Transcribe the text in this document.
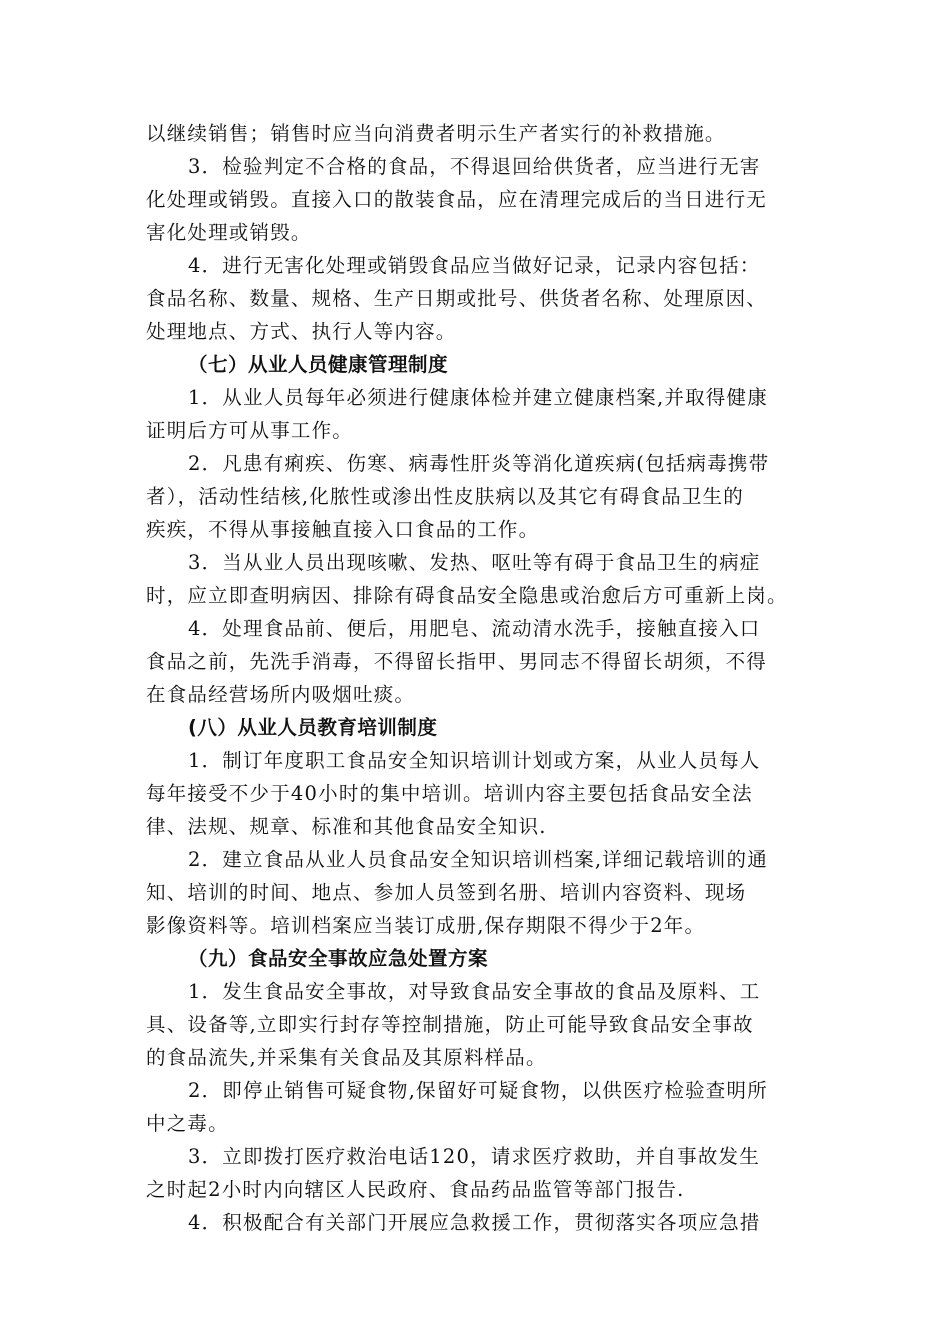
以继续销售；销售时应当向消费者明示生产者实行的补救措施。
3．检验判定不合格的食品，不得退回给供货者，应当进行无害
化处理或销毁。直接入口的散装食品，应在清理完成后的当日进行无
害化处理或销毁。
4．进行无害化处理或销毁食品应当做好记录，记录内容包括：
食品名称、数量、规格、生产日期或批号、供货者名称、处理原因、
处理地点、方式、执行人等内容。
（七）从业人员健康管理制度
1．从业人员每年必须进行健康体检并建立健康档案,并取得健康
证明后方可从事工作。
2．凡患有痢疾、伤寒、病毒性肝炎等消化道疾病(包括病毒携带
者），活动性结核,化脓性或渗出性皮肤病以及其它有碍食品卫生的
疾疾，不得从事接触直接入口食品的工作。
3．当从业人员出现咳嗽、发热、呕吐等有碍于食品卫生的病症
时，应立即查明病因、排除有碍食品安全隐患或治愈后方可重新上岗。
4．处理食品前、便后，用肥皂、流动清水洗手，接触直接入口
食品之前，先洗手消毒，不得留长指甲、男同志不得留长胡须，不得
在食品经营场所内吸烟吐痰。
(八）从业人员教育培训制度
1．制订年度职工食品安全知识培训计划或方案，从业人员每人
每年接受不少于40小时的集中培训。培训内容主要包括食品安全法
律、法规、规章、标准和其他食品安全知识.
2．建立食品从业人员食品安全知识培训档案,详细记载培训的通
知、培训的时间、地点、参加人员签到名册、培训内容资料、现场
影像资料等。培训档案应当装订成册,保存期限不得少于2年。
（九）食品安全事故应急处置方案
1．发生食品安全事故，对导致食品安全事故的食品及原料、工
具、设备等,立即实行封存等控制措施，防止可能导致食品安全事故
的食品流失,并采集有关食品及其原料样品。
2．即停止销售可疑食物,保留好可疑食物，以供医疗检验查明所
中之毒。
3．立即拨打医疗救治电话120，请求医疗救助，并自事故发生
之时起2小时内向辖区人民政府、食品药品监管等部门报告.
4．积极配合有关部门开展应急救援工作，贯彻落实各项应急措
